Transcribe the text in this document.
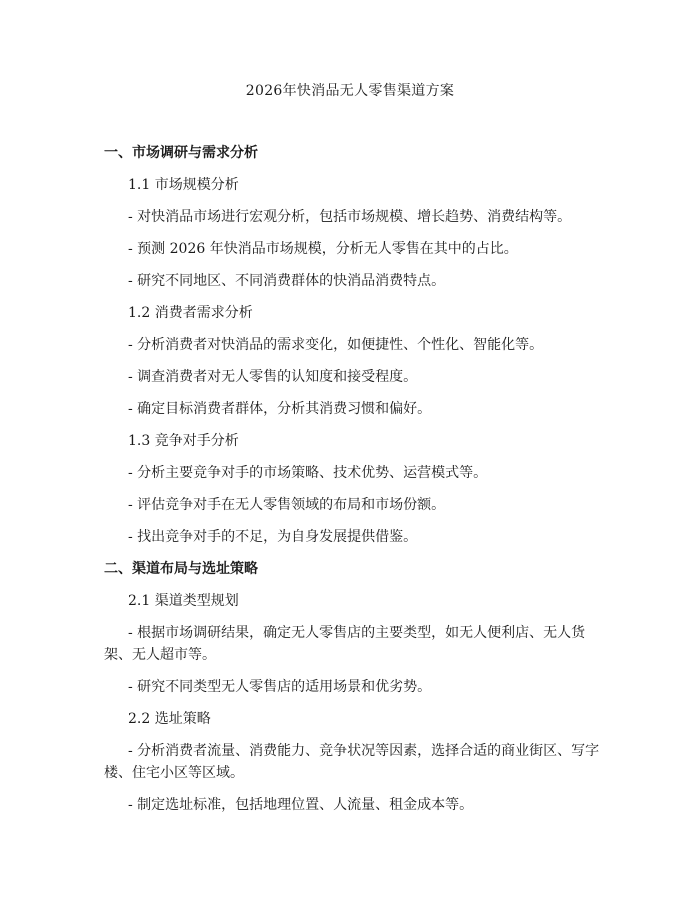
2026年快消品无人零售渠道方案
一、市场调研与需求分析
1.1 市场规模分析
- 对快消品市场进行宏观分析，包括市场规模、增长趋势、消费结构等。
- 预测 2026 年快消品市场规模，分析无人零售在其中的占比。
- 研究不同地区、不同消费群体的快消品消费特点。
1.2 消费者需求分析
- 分析消费者对快消品的需求变化，如便捷性、个性化、智能化等。
- 调查消费者对无人零售的认知度和接受程度。
- 确定目标消费者群体，分析其消费习惯和偏好。
1.3 竞争对手分析
- 分析主要竞争对手的市场策略、技术优势、运营模式等。
- 评估竞争对手在无人零售领域的布局和市场份额。
- 找出竞争对手的不足，为自身发展提供借鉴。
二、渠道布局与选址策略
2.1 渠道类型规划
- 根据市场调研结果，确定无人零售店的主要类型，如无人便利店、无人货架、无人超市等。
- 研究不同类型无人零售店的适用场景和优劣势。
2.2 选址策略
- 分析消费者流量、消费能力、竞争状况等因素，选择合适的商业街区、写字楼、住宅小区等区域。
- 制定选址标准，包括地理位置、人流量、租金成本等。
